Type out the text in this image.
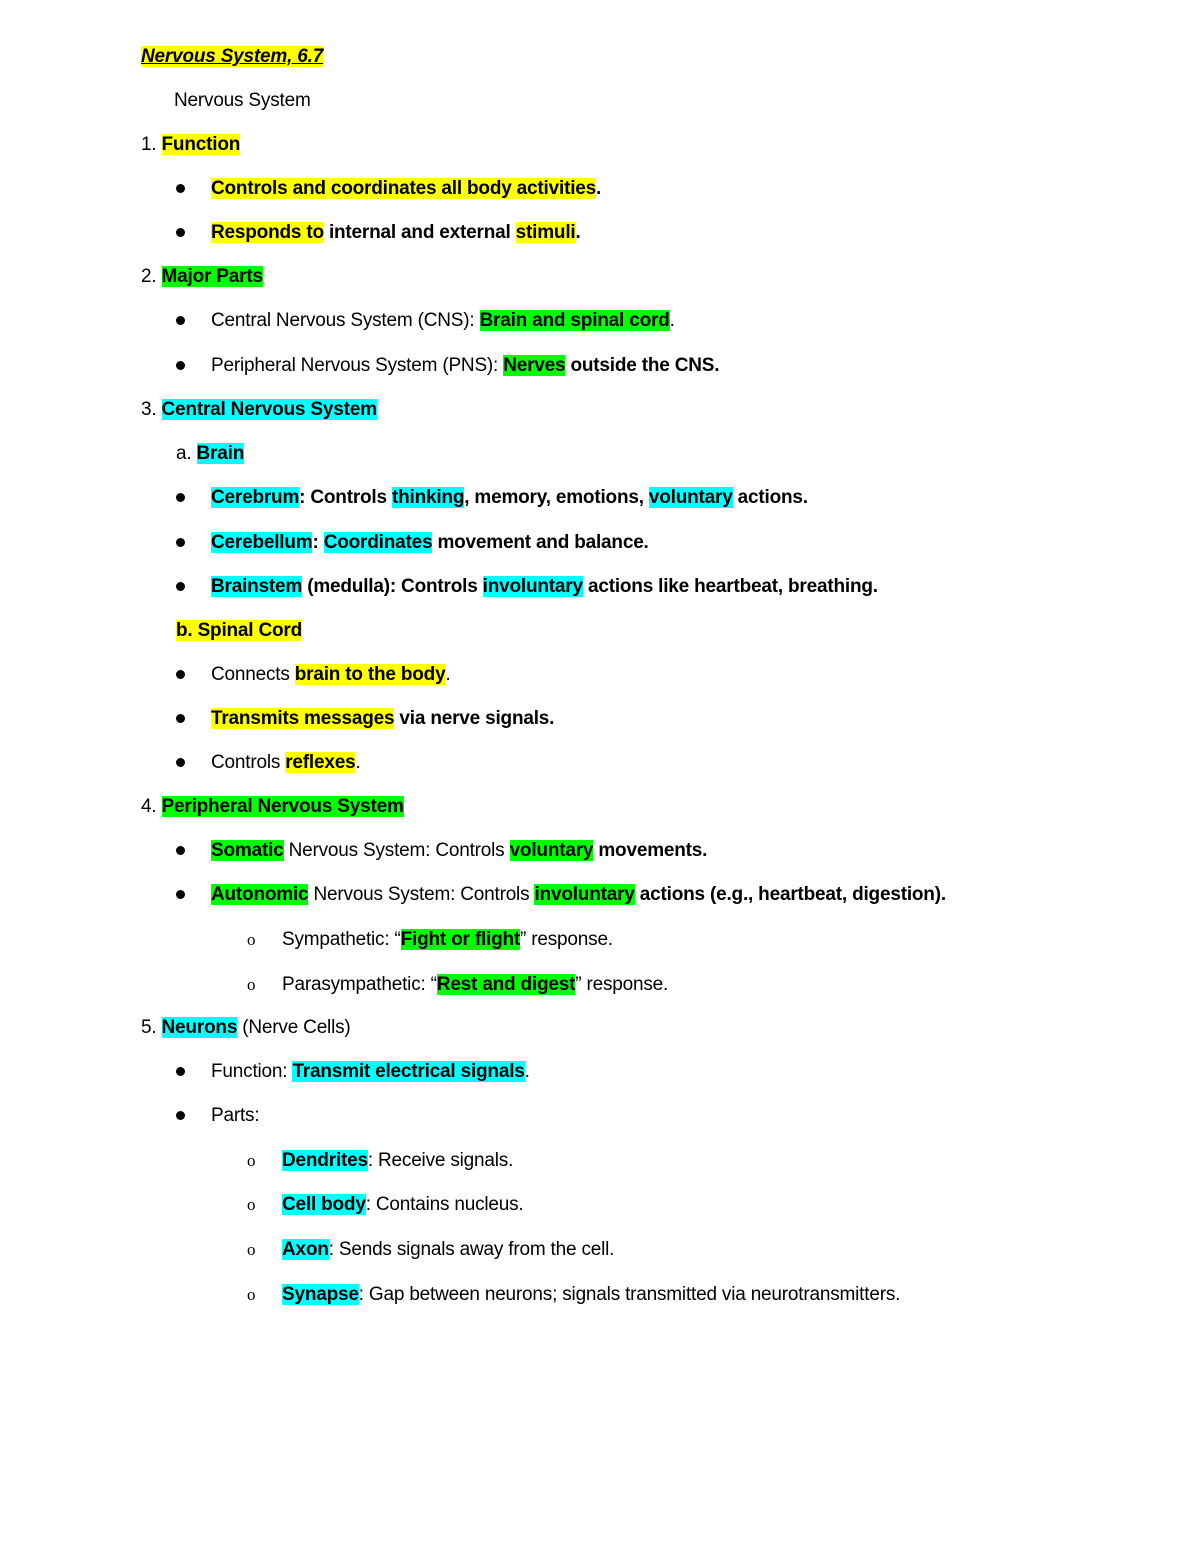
Nervous System, 6.7
Nervous System
1. Function
Controls and coordinates all body activities.
Responds to internal and external stimuli.
2. Major Parts
Central Nervous System (CNS): Brain and spinal cord.
Peripheral Nervous System (PNS): Nerves outside the CNS.
3. Central Nervous System
a. Brain
Cerebrum: Controls thinking, memory, emotions, voluntary actions.
Cerebellum: Coordinates movement and balance.
Brainstem (medulla): Controls involuntary actions like heartbeat, breathing.
b. Spinal Cord
Connects brain to the body.
Transmits messages via nerve signals.
Controls reflexes.
4. Peripheral Nervous System
Somatic Nervous System: Controls voluntary movements.
Autonomic Nervous System: Controls involuntary actions (e.g., heartbeat, digestion).
o Sympathetic: “Fight or flight” response.
o Parasympathetic: “Rest and digest” response.
5. Neurons (Nerve Cells)
Function: Transmit electrical signals.
Parts:
o Dendrites: Receive signals.
o Cell body: Contains nucleus.
o Axon: Sends signals away from the cell.
o Synapse: Gap between neurons; signals transmitted via neurotransmitters.
